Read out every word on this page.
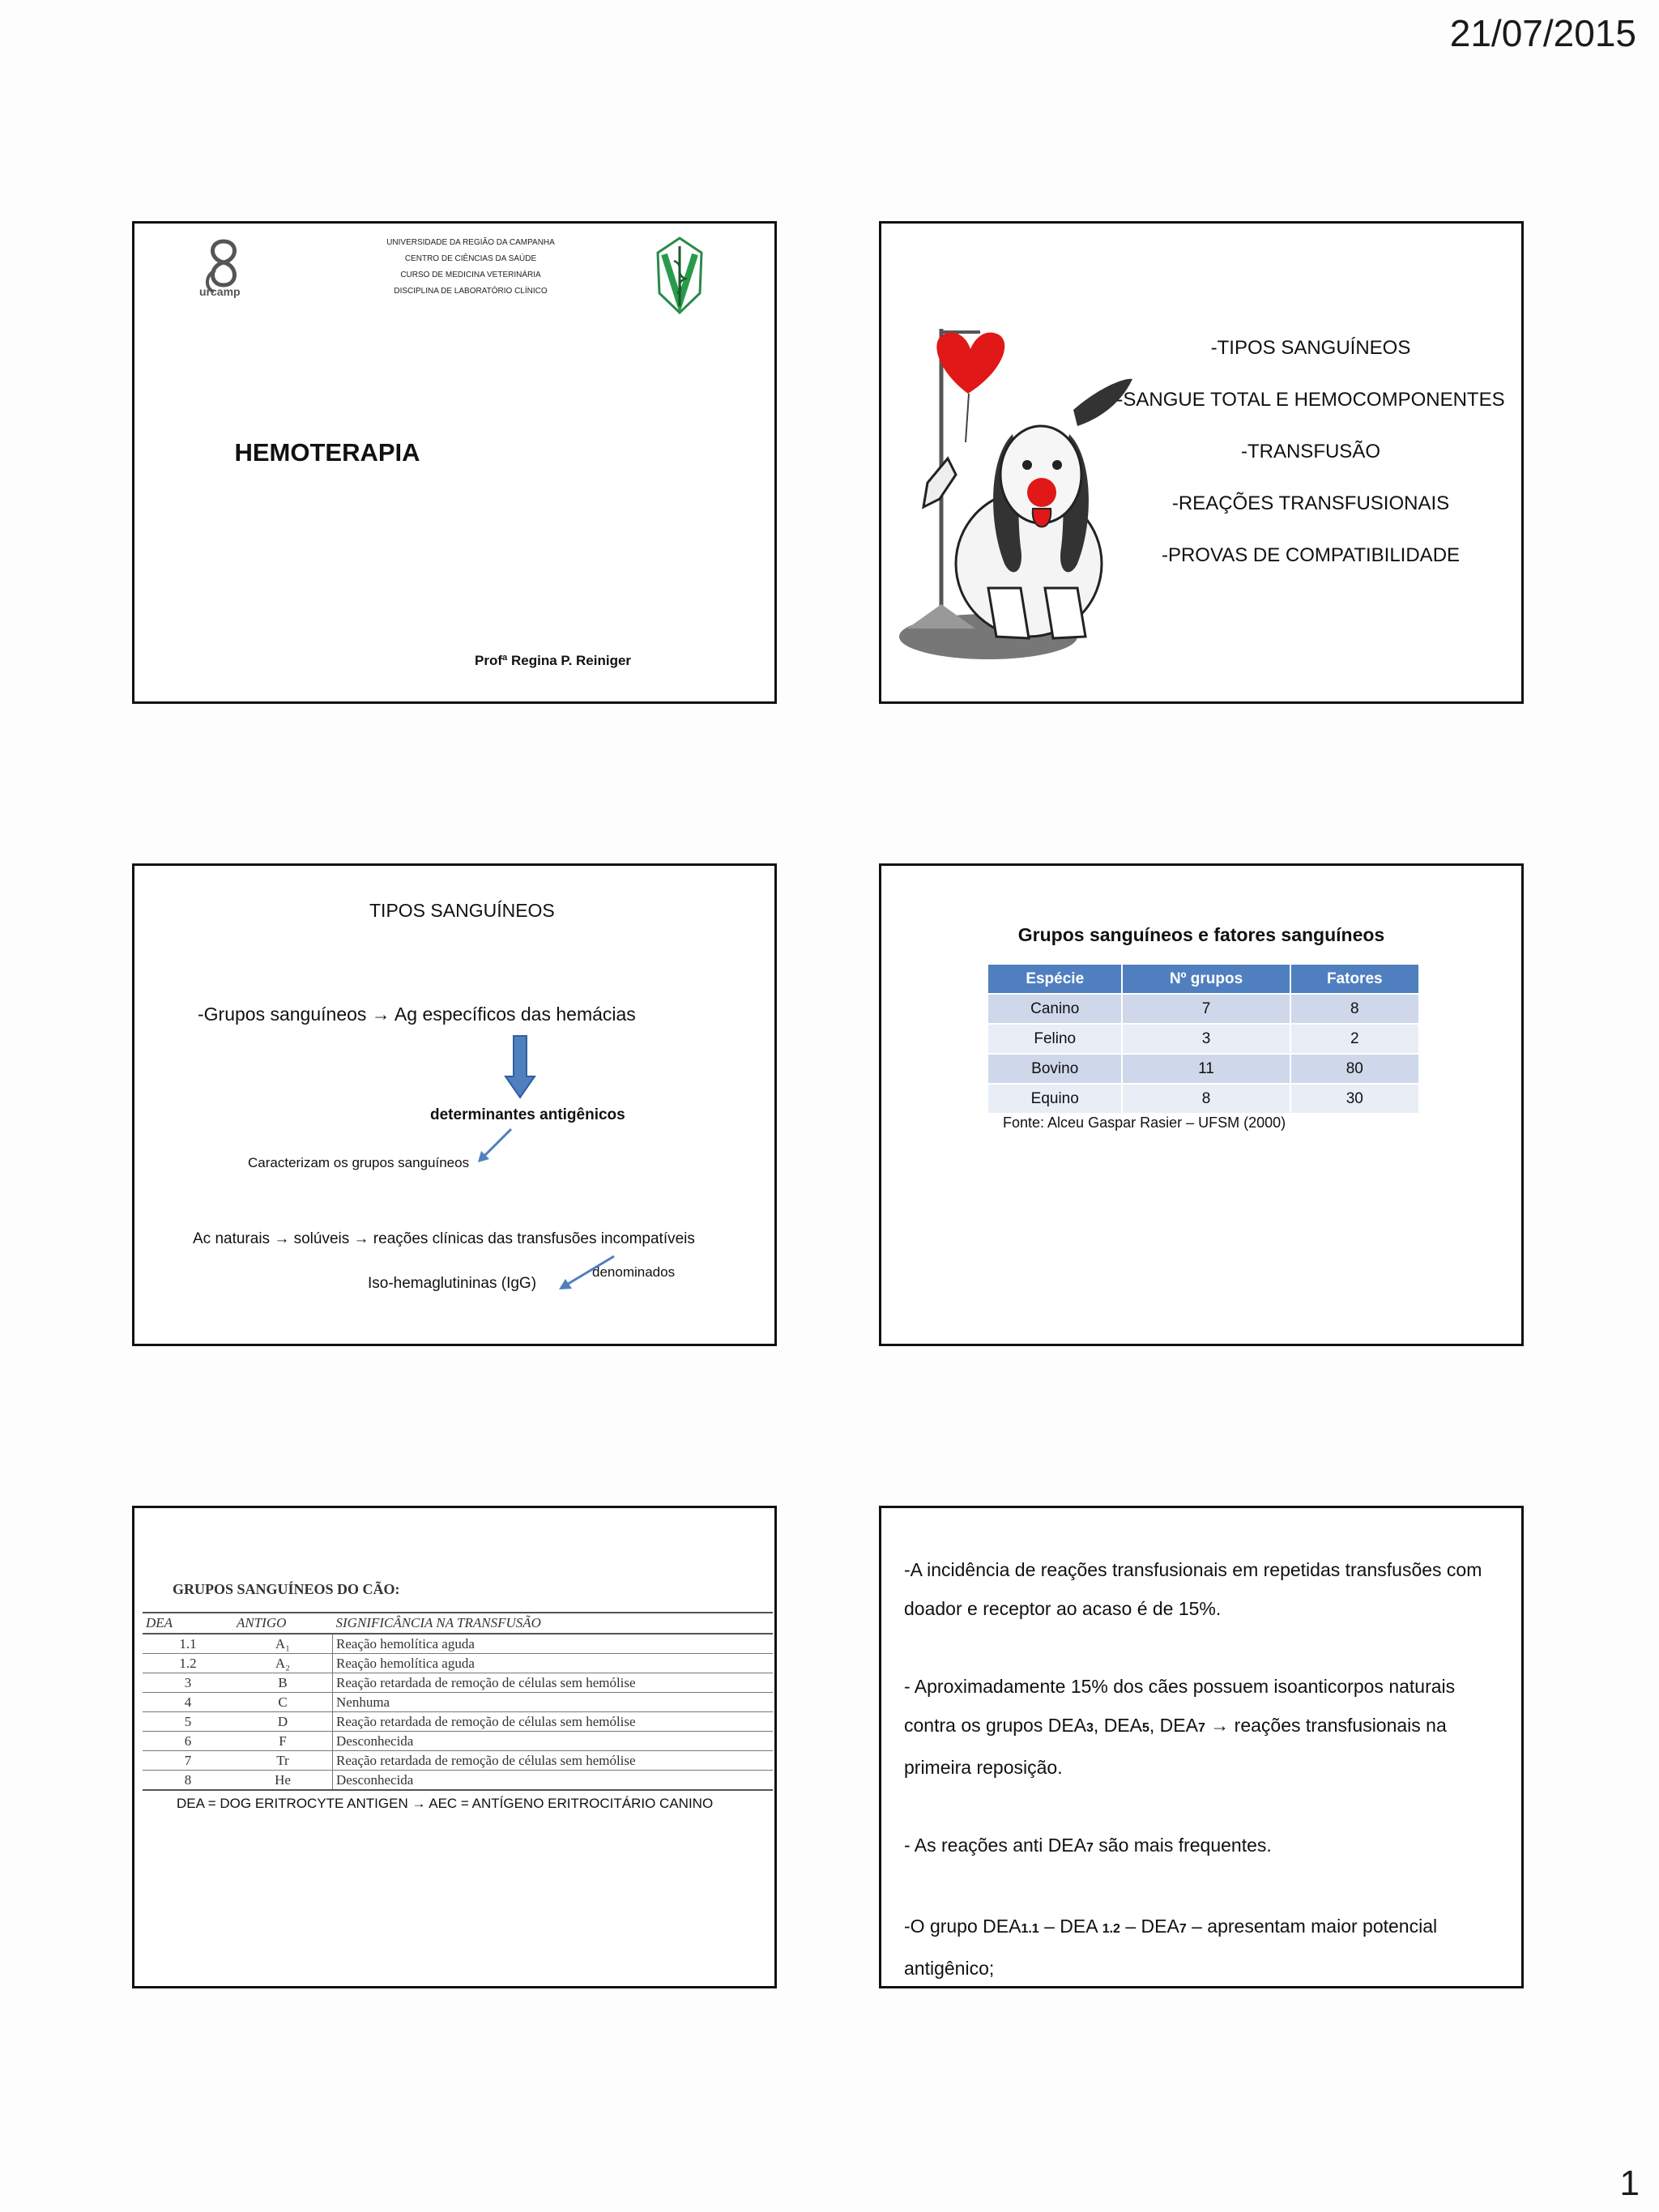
21/07/2015
urcamp
UNIVERSIDADE DA REGIÃO DA CAMPANHA
CENTRO DE CIÊNCIAS DA SAÚDE
CURSO DE MEDICINA VETERINÁRIA
DISCIPLINA DE LABORATÓRIO CLÍNICO
HEMOTERAPIA
Profª Regina P. Reiniger
-TIPOS SANGUÍNEOS
-SANGUE TOTAL E HEMOCOMPONENTES
-TRANSFUSÃO
-REAÇÕES TRANSFUSIONAIS
-PROVAS DE COMPATIBILIDADE
TIPOS SANGUÍNEOS
-Grupos sanguíneos → Ag específicos das hemácias
determinantes antigênicos
Caracterizam os grupos sanguíneos
Ac naturais → solúveis → reações clínicas das transfusões incompatíveis
denominados
Iso-hemaglutininas (IgG)
Grupos sanguíneos e fatores sanguíneos
Espécie	Nº grupos	Fatores
Canino	7	8
Felino	3	2
Bovino	11	80
Equino	8	30
Fonte: Alceu Gaspar Rasier – UFSM (2000)
GRUPOS SANGUÍNEOS DO CÃO:
DEA	ANTIGO	SIGNIFICÂNCIA NA TRANSFUSÃO
1.1	A₁	Reação hemolítica aguda
1.2	A₂	Reação hemolítica aguda
3	B	Reação retardada de remoção de células sem hemólise
4	C	Nenhuma
5	D	Reação retardada de remoção de células sem hemólise
6	F	Desconhecida
7	Tr	Reação retardada de remoção de células sem hemólise
8	He	Desconhecida
DEA = DOG ERITROCYTE ANTIGEN → AEC = ANTÍGENO ERITROCITÁRIO CANINO

-A incidência de reações transfusionais em repetidas transfusões com doador e receptor ao acaso é de 15%.

- Aproximadamente 15% dos cães possuem isoanticorpos naturais contra os grupos DEA3, DEA5, DEA7 → reações transfusionais na primeira reposição.

- As reações anti DEA7 são mais frequentes.

-O grupo DEA1.1 – DEA 1.2 – DEA7 – apresentam maior potencial antigênico;

1
